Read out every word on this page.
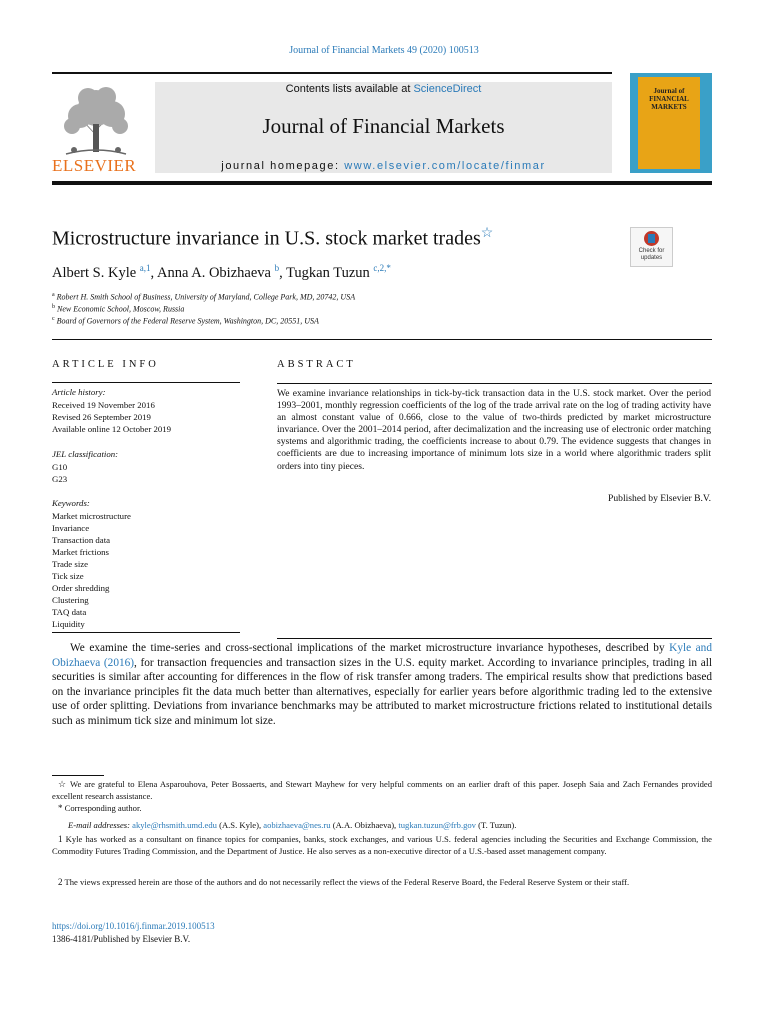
Journal of Financial Markets 49 (2020) 100513
ELSEVIER
Contents lists available at ScienceDirect
Journal of Financial Markets
journal homepage: www.elsevier.com/locate/finmar
Journal of FINANCIAL MARKETS
Microstructure invariance in U.S. stock market trades☆
Check for updates
Albert S. Kyle $^{a,1}$, Anna A. Obizhaeva $^b$, Tugkan Tuzun $^{c,2,*}$
$^a$ Robert H. Smith School of Business, University of Maryland, College Park, MD, 20742, USA
$^b$ New Economic School, Moscow, Russia
$^c$ Board of Governors of the Federal Reserve System, Washington, DC, 20551, USA
ARTICLE INFO	ABSTRACT
Article history:
Received 19 November 2016
Revised 26 September 2019
Available online 12 October 2019
JEL classification:
G10
G23
Keywords:
Market microstructure
Invariance
Transaction data
Market frictions
Trade size
Tick size
Order shredding
Clustering
TAQ data
Liquidity
We examine invariance relationships in tick-by-tick transaction data in the U.S. stock market. Over the period 1993–2001, monthly regression coefficients of the log of the trade arrival rate on the log of trading activity have an almost constant value of 0.666, close to the value of two-thirds predicted by market microstructure invariance. Over the 2001–2014 period, after decimalization and the increasing use of electronic order matching systems and algorithmic trading, the coefficients increase to about 0.79. The evidence suggests that changes in coefficients are due to increasing importance of minimum lots size in a world where algorithmic traders split orders into tiny pieces.
Published by Elsevier B.V.
We examine the time-series and cross-sectional implications of the market microstructure invariance hypotheses, described by Kyle and Obizhaeva (2016), for transaction frequencies and transaction sizes in the U.S. equity market. According to invariance principles, trading in all securities is similar after accounting for differences in the flow of risk transfer among traders. The empirical results show that predictions based on the invariance principles fit the data much better than alternatives, especially for earlier years before algorithmic trading led to the extensive use of order splitting. Deviations from invariance benchmarks may be attributed to market microstructure frictions related to institutional details such as minimum tick size and minimum lot size.
☆ We are grateful to Elena Asparouhova, Peter Bossaerts, and Stewart Mayhew for very helpful comments on an earlier draft of this paper. Joseph Saia and Zach Fernandes provided excellent research assistance.
* Corresponding author.
E-mail addresses: akyle@rhsmith.umd.edu (A.S. Kyle), aobizhaeva@nes.ru (A.A. Obizhaeva), tugkan.tuzun@frb.gov (T. Tuzun).
1 Kyle has worked as a consultant on finance topics for companies, banks, stock exchanges, and various U.S. federal agencies including the Securities and Exchange Commission, the Commodity Futures Trading Commission, and the Department of Justice. He also serves as a non-executive director of a U.S.-based asset management company.
2 The views expressed herein are those of the authors and do not necessarily reflect the views of the Federal Reserve Board, the Federal Reserve System or their staff.
https://doi.org/10.1016/j.finmar.2019.100513
1386-4181/Published by Elsevier B.V.
